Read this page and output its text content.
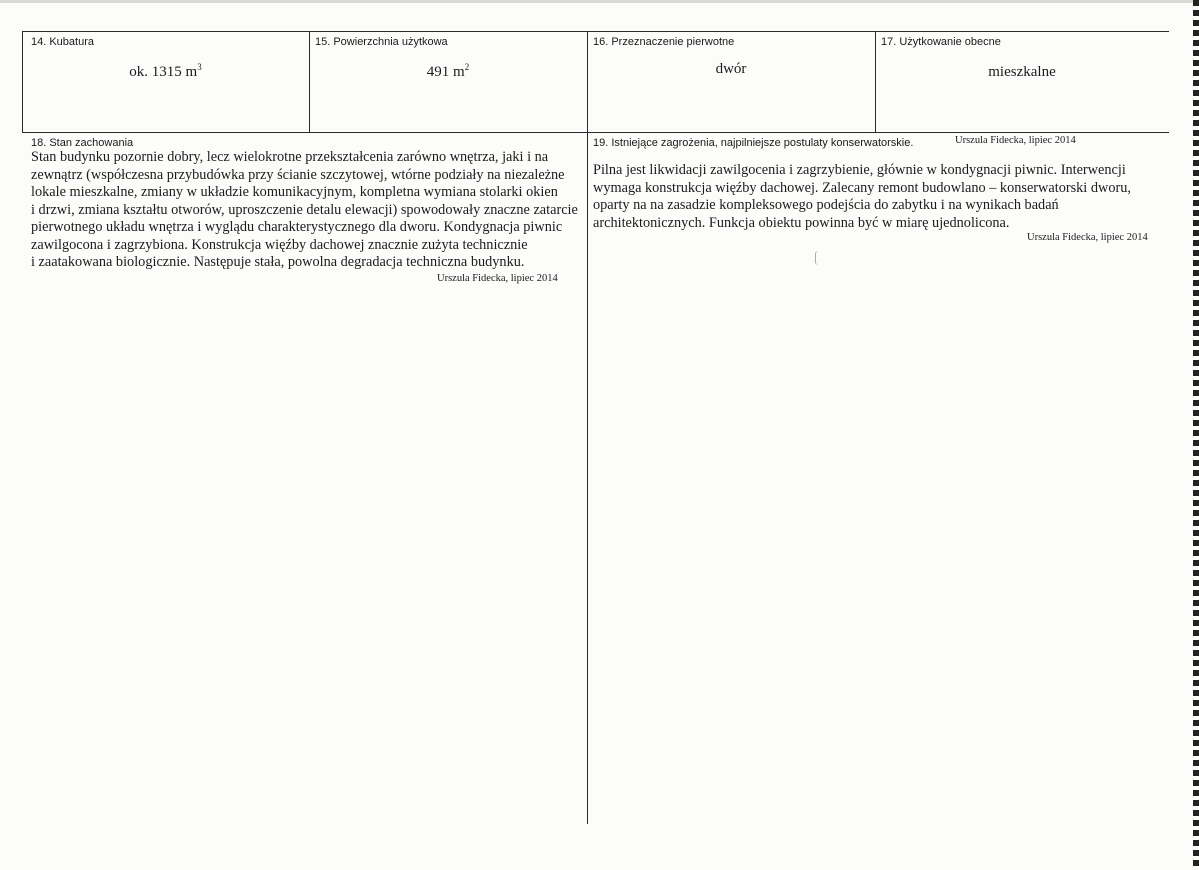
14. Kubatura
ok. 1315 $m^3$
15. Powierzchnia użytkowa
491 $m^2$
16. Przeznaczenie pierwotne
dwór
17. Użytkowanie obecne
mieszkalne
18. Stan zachowania
Stan budynku pozornie dobry, lecz wielokrotne przekształcenia zarówno wnętrza, jaki i na
zewnątrz (współczesna przybudówka przy ścianie szczytowej, wtórne podziały na niezależne
lokale mieszkalne, zmiany w układzie komunikacyjnym, kompletna wymiana stolarki okien
i drzwi, zmiana kształtu otworów, uproszczenie detalu elewacji) spowodowały znaczne zatarcie
pierwotnego układu wnętrza i wyglądu charakterystycznego dla dworu. Kondygnacja piwnic
zawilgocona i zagrzybiona. Konstrukcja więźby dachowej znacznie zużyta technicznie
i zaatakowana biologicznie. Następuje stała, powolna degradacja techniczna budynku.
Urszula Fidecka, lipiec 2014
19. Istniejące zagrożenia, najpilniejsze postulaty konserwatorskie.	Urszula Fidecka, lipiec 2014
Pilna jest likwidacji zawilgocenia i zagrzybienie, głównie w kondygnacji piwnic. Interwencji
wymaga konstrukcja więźby dachowej. Zalecany remont budowlano – konserwatorski dworu,
oparty na na zasadzie kompleksowego podejścia do zabytku i na wynikach badań
architektonicznych. Funkcja obiektu powinna być w miarę ujednolicona.
Urszula Fidecka, lipiec 2014
